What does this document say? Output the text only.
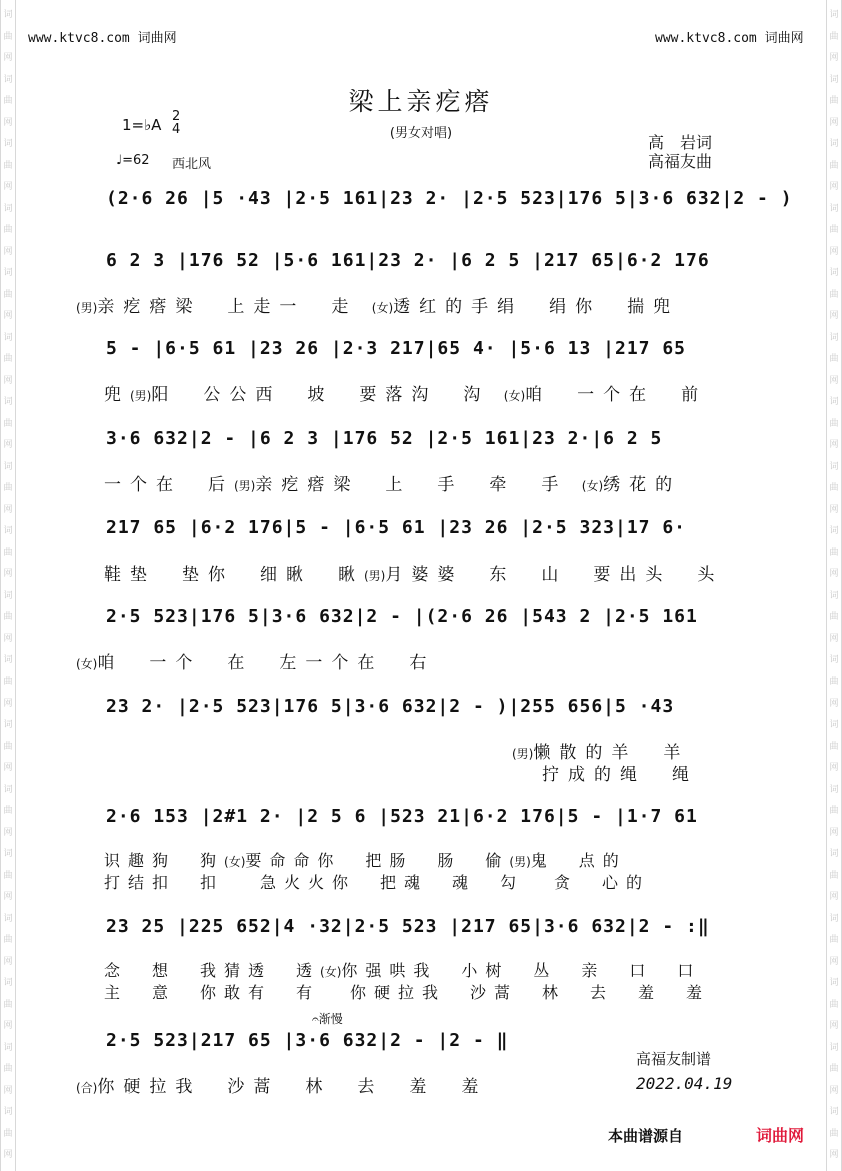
词
曲
网
词
曲
网
词
曲
网
词
曲
网
词
曲
网
词
曲
网
词
曲
网
词
曲
网
词
曲
网
词
曲
网
词
曲
网
词
曲
网
词
曲
网
词
曲
网
词
曲
网
词
曲
网
词
曲
网
词
曲
网
词
曲
网
词
曲
网
词
曲
网
词
曲
网
词
曲
网
词
曲
网
词
曲
网
词
曲
网
词
曲
网
词
曲
网
词
曲
网
词
曲
网
词
曲
网
词
曲
网
词
曲
网
词
曲
网
词
曲
网
词
曲
网
www.ktvc8.com 词曲网	www.ktvc8.com 词曲网
梁上亲疙瘩
(男女对唱)
1=♭A 2
4
♩=62 西北风
高　岩词
高福友曲
(2·6 26 |5 ·43 |2·5 161|23 2· |2·5 523|176 5|3·6 632|2 - )
6 2 3 |176 52 |5·6 161|23 2· |6 2 5 |217 65|6·2 176
5 - |6·5 61 |23 26 |2·3 217|65 4· |5·6 13 |217 65
3·6 632|2 - |6 2 3 |176 52 |2·5 161|23 2·|6 2 5
217 65 |6·2 176|5 - |6·5 61 |23 26 |2·5 323|17 6·
2·5 523|176 5|3·6 632|2 - |(2·6 26 |543 2 |2·5 161
23 2· |2·5 523|176 5|3·6 632|2 - )|255 656|5 ·43
2·6 153 |2#1 2· |2 5 6 |523 21|6·2 176|5 - |1·7 61
23 25 |225 652|4 ·32|2·5 523 |217 65|3·6 632|2 - :‖
2·5 523|217 65 |3·6 632|2 - |2 - ‖
𝄐渐慢
(男)亲疙瘩梁　上走一　走 (女)透红的手绢　绢你　揣兜
兜(男)阳　公公西　坡　要落沟　沟 (女)咱　一个在　前
一个在　后(男)亲疙瘩梁　上　手　牵　手 (女)绣花的
鞋垫　垫你　细瞅　瞅(男)月婆婆　东　山　要出头　头
(女)咱　一个　在　左一个在　右
(男)懒散的羊　羊
拧成的绳　绳
识趣狗　狗(女)要命命你　把肠　肠　偷(男)鬼　点的
打结扣　扣 急火火你　把魂　魂　勾 贪　心的
念　想　我猜透　透(女)你强哄我　小树　丛　亲　口　口
主　意　你敢有　有 你硬拉我　沙蒿　林　去　羞　羞
(合)你硬拉我　沙蒿　林　去　羞　羞
高福友制谱
2022.04.19
本曲谱源自	词曲网
